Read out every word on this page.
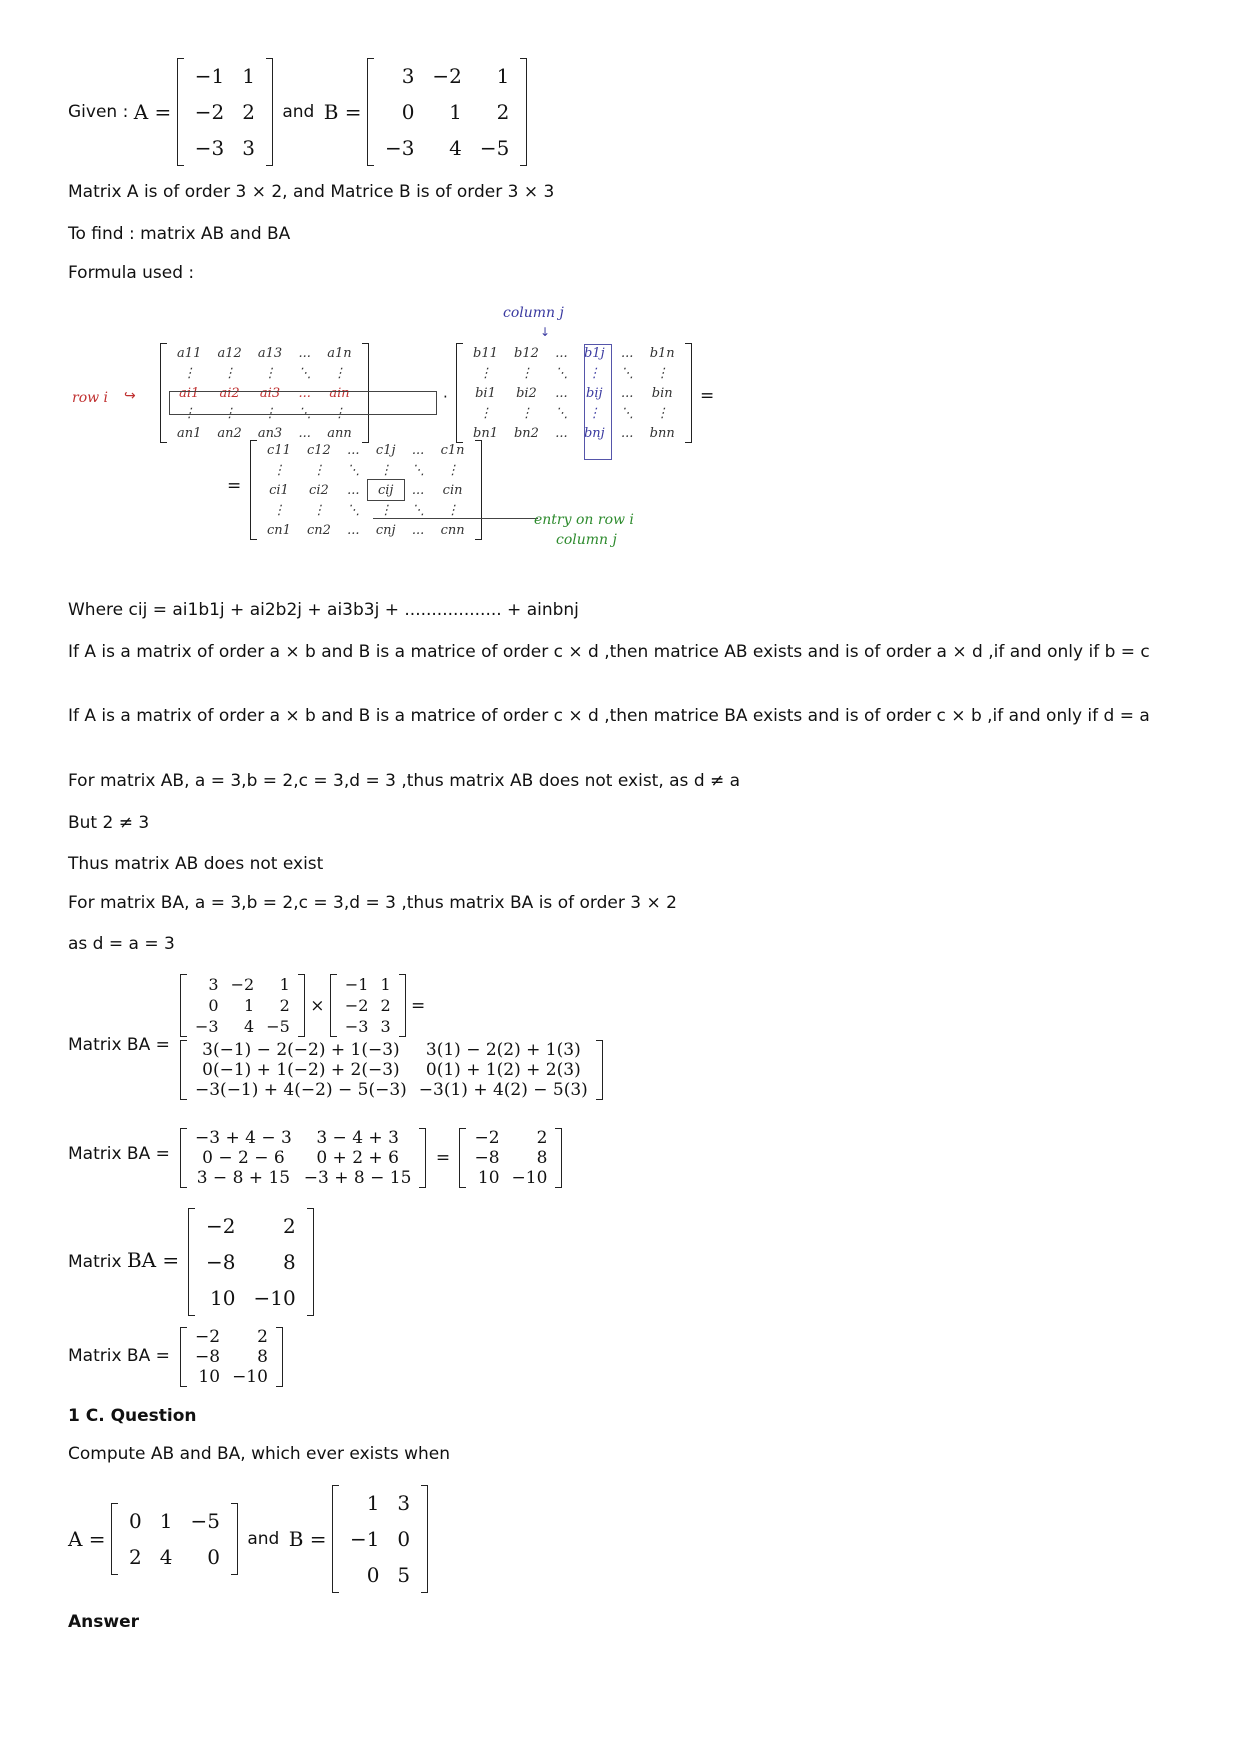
Given : A =
−1	1
−2	2
−3	3
and B =
3	−2	1
0	1	2
−3	4	−5
Matrix A is of order 3 × 2, and Matrice B is of order 3 × 3
To find : matrix AB and BA
Formula used :
column j
↓
row i ↪
a11	a12	a13	...	a1n
⋮	⋮	⋮	⋱	⋮
ai1	ai2	ai3	...	ain
⋮	⋮	⋮	⋱	⋮
an1	an2	an3	...	ann
·
b11	b12	...	b1j	...	b1n
⋮	⋮	⋱	⋮	⋱	⋮
bi1	bi2	...	bij	...	bin
⋮	⋮	⋱	⋮	⋱	⋮
bn1	bn2	...	bnj	...	bnn
=
=
c11	c12	...	c1j	...	c1n
⋮	⋮	⋱	⋮	⋱	⋮
ci1	ci2	...	cij	...	cin
⋮	⋮	⋱	⋮	⋱	⋮
cn1	cn2	...	cnj	...	cnn
entry on row i
column j
Where cij = ai1b1j + ai2b2j + ai3b3j + .................. + ainbnj
If A is a matrix of order a × b and B is a matrice of order c × d ,then matrice AB exists and is of order a × d ,if and only if b = c
If A is a matrix of order a × b and B is a matrice of order c × d ,then matrice BA exists and is of order c × b ,if and only if d = a
For matrix AB, a = 3,b = 2,c = 3,d = 3 ,thus matrix AB does not exist, as d ≠ a
But 2 ≠ 3
Thus matrix AB does not exist
For matrix BA, a = 3,b = 2,c = 3,d = 3 ,thus matrix BA is of order 3 × 2
as d = a = 3
Matrix BA =
3	−2	1
0	1	2
−3	4	−5
×
−1	1
−2	2
−3	3
=
3(−1) − 2(−2) + 1(−3)	3(1) − 2(2) + 1(3)
0(−1) + 1(−2) + 2(−3)	0(1) + 1(2) + 2(3)
−3(−1) + 4(−2) − 5(−3)	−3(1) + 4(2) − 5(3)
Matrix BA =
−3 + 4 − 3	3 − 4 + 3
0 − 2 − 6	0 + 2 + 6
3 − 8 + 15	−3 + 8 − 15
=
−2	2
−8	8
10	−10
Matrix BA =
−2	2
−8	8
10	−10
Matrix BA =
−2	2
−8	8
10	−10
1 C. Question
Compute AB and BA, which ever exists when
A =
0	1	−5
2	4	0
and B =
1	3
−1	0
0	5
Answer
